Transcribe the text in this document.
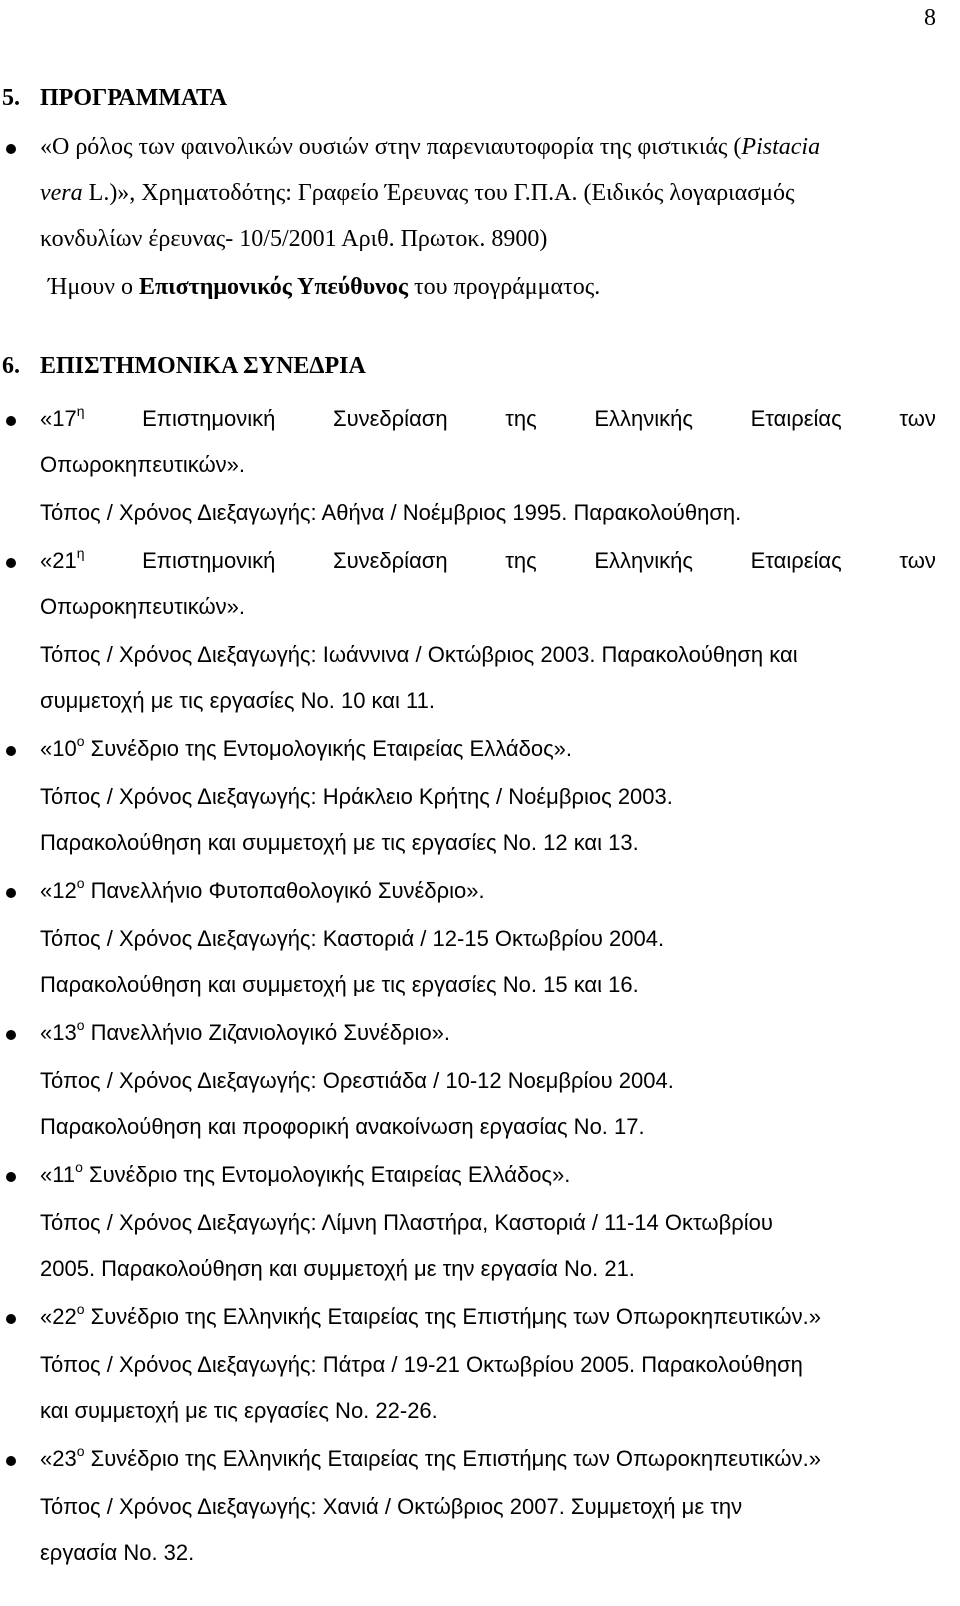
8
5. ΠΡΟΓΡΑΜΜΑΤΑ
«Ο ρόλος των φαινολικών ουσιών στην παρενιαυτοφορία της φιστικιάς (Pistacia
vera L.)», Χρηματοδότης: Γραφείο Έρευνας του Γ.Π.Α. (Ειδικός λογαριασμός
κονδυλίων έρευνας- 10/5/2001 Αριθ. Πρωτοκ. 8900)
Ήμουν ο Επιστημονικός Υπεύθυνος του προγράμματος.
6. ΕΠΙΣΤΗΜΟΝΙΚΑ ΣΥΝΕΔΡΙΑ
«$17^\eta$	Επιστημονική	Συνεδρίαση	της	Ελληνικής	Εταιρείας	των
Οπωροκηπευτικών».
Τόπος / Χρόνος Διεξαγωγής: Αθήνα / Νοέμβριος 1995. Παρακολούθηση.
«$21^\eta$	Επιστημονική	Συνεδρίαση	της	Ελληνικής	Εταιρείας	των
Οπωροκηπευτικών».
Τόπος / Χρόνος Διεξαγωγής: Ιωάννινα / Οκτώβριος 2003. Παρακολούθηση και
συμμετοχή με τις εργασίες No. 10 και 11.
«$10^o$ Συνέδριο της Εντομολογικής Εταιρείας Ελλάδος».
Τόπος / Χρόνος Διεξαγωγής: Ηράκλειο Κρήτης / Νοέμβριος 2003.
Παρακολούθηση και συμμετοχή με τις εργασίες No. 12 και 13.
«$12^o$ Πανελλήνιο Φυτοπαθολογικό Συνέδριο».
Τόπος / Χρόνος Διεξαγωγής: Καστοριά / 12-15 Οκτωβρίου 2004.
Παρακολούθηση και συμμετοχή με τις εργασίες No. 15 και 16.
«$13^o$ Πανελλήνιο Ζιζανιολογικό Συνέδριο».
Τόπος / Χρόνος Διεξαγωγής: Ορεστιάδα / 10-12 Νοεμβρίου 2004.
Παρακολούθηση και προφορική ανακοίνωση εργασίας No. 17.
«$11^o$ Συνέδριο της Εντομολογικής Εταιρείας Ελλάδος».
Τόπος / Χρόνος Διεξαγωγής: Λίμνη Πλαστήρα, Καστοριά / 11-14 Οκτωβρίου
2005. Παρακολούθηση και συμμετοχή με την εργασία No. 21.
«$22^o$ Συνέδριο της Ελληνικής Εταιρείας της Επιστήμης των Οπωροκηπευτικών.»
Τόπος / Χρόνος Διεξαγωγής: Πάτρα / 19-21 Οκτωβρίου 2005. Παρακολούθηση
και συμμετοχή με τις εργασίες No. 22-26.
«$23^o$ Συνέδριο της Ελληνικής Εταιρείας της Επιστήμης των Οπωροκηπευτικών.»
Τόπος / Χρόνος Διεξαγωγής: Χανιά / Οκτώβριος 2007. Συμμετοχή με την
εργασία No. 32.
